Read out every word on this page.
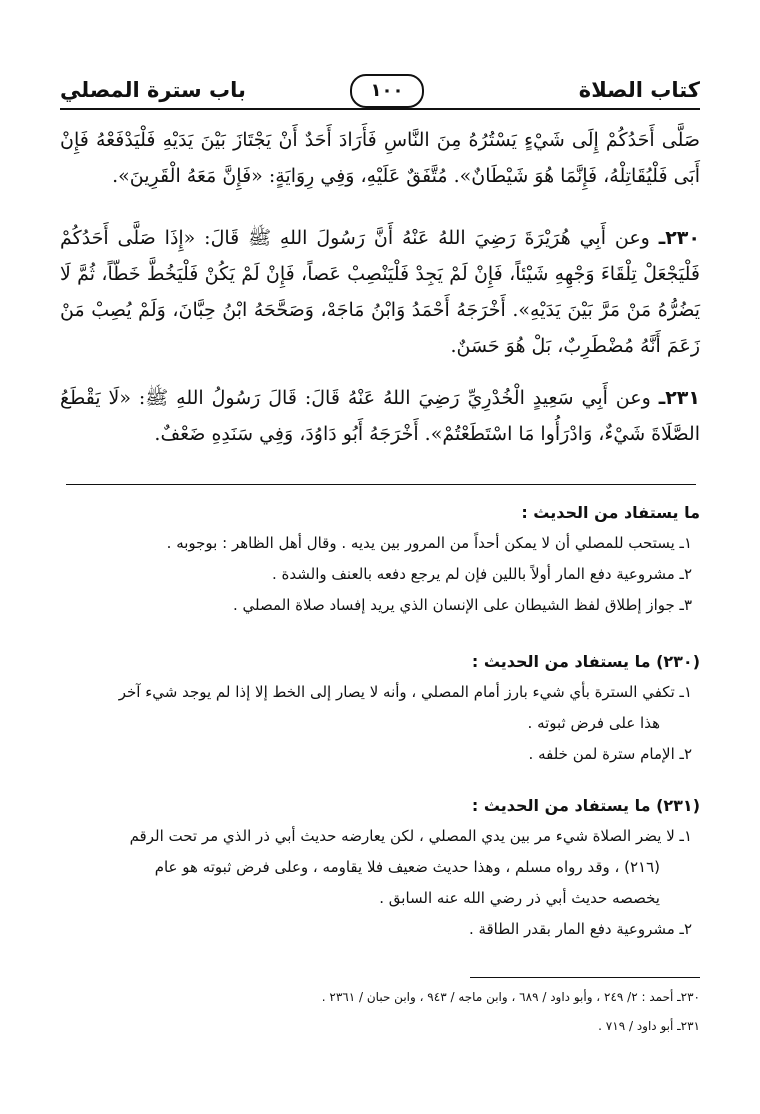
كتاب الصلاة
١٠٠
باب سترة المصلي
صَلَّى أَحَدُكُمْ إِلَى شَيْءٍ يَسْتُرُهُ مِنَ النَّاسِ فَأَرَادَ أَحَدٌ أَنْ يَجْتَازَ بَيْنَ يَدَيْهِ فَلْيَدْفَعْهُ فَإِنْ أَبَى فَلْيُقَاتِلْهُ، فَإِنَّمَا هُوَ شَيْطَانٌ». مُتَّفَقٌ عَلَيْهِ، وَفِي رِوَايَةٍ: «فَإِنَّ مَعَهُ الْقَرِينَ».
٢٣٠ـ وعن أَبِي هُرَيْرَةَ رَضِيَ اللهُ عَنْهُ أَنَّ رَسُولَ اللهِ ﷺ قَالَ: «إِذَا صَلَّى أَحَدُكُمْ فَلْيَجْعَلْ تِلْقَاءَ وَجْهِهِ شَيْئاً، فَإِنْ لَمْ يَجِدْ فَلْيَنْصِبْ عَصاً، فَإِنْ لَمْ يَكُنْ فَلْيَخُطَّ خَطّاً، ثُمَّ لَا يَضُرُّهُ مَنْ مَرَّ بَيْنَ يَدَيْهِ». أَخْرَجَهُ أَحْمَدُ وَابْنُ مَاجَهْ، وَصَحَّحَهُ ابْنُ حِبَّانَ، وَلَمْ يُصِبْ مَنْ زَعَمَ أَنَّهُ مُضْطَرِبٌ، بَلْ هُوَ حَسَنٌ.
٢٣١ـ وعن أَبِي سَعِيدٍ الْخُدْرِيِّ رَضِيَ اللهُ عَنْهُ قَالَ: قَالَ رَسُولُ اللهِ ﷺ: «لَا يَقْطَعُ الصَّلَاةَ شَيْءٌ، وَادْرَأُوا مَا اسْتَطَعْتُمْ». أَخْرَجَهُ أَبُو دَاوُدَ، وَفِي سَنَدِهِ ضَعْفٌ.
ما يستفاد من الحديث :
١ـ يستحب للمصلي أن لا يمكن أحداً من المرور بين يديه . وقال أهل الظاهر : بوجوبه .
٢ـ مشروعية دفع المار أولاً باللين فإن لم يرجع دفعه بالعنف والشدة .
٣ـ جواز إطلاق لفظ الشيطان على الإنسان الذي يريد إفساد صلاة المصلي .
(٢٣٠) ما يستفاد من الحديث :
١ـ تكفي السترة بأي شيء بارز أمام المصلي ، وأنه لا يصار إلى الخط إلا إذا لم يوجد شيء آخر
هذا على فرض ثبوته .
٢ـ الإمام سترة لمن خلفه .
(٢٣١) ما يستفاد من الحديث :
١ـ لا يضر الصلاة شيء مر بين يدي المصلي ، لكن يعارضه حديث أبي ذر الذي مر تحت الرقم
(٢١٦) ، وقد رواه مسلم ، وهذا حديث ضعيف فلا يقاومه ، وعلى فرض ثبوته هو عام
يخصصه حديث أبي ذر رضي الله عنه السابق .
٢ـ مشروعية دفع المار بقدر الطاقة .
٢٣٠ـ أحمد : ٢/ ٢٤٩ ، وأبو داود / ٦٨٩ ، وابن ماجه / ٩٤٣ ، وابن حبان / ٢٣٦١ .
٢٣١ـ أبو داود / ٧١٩ .
